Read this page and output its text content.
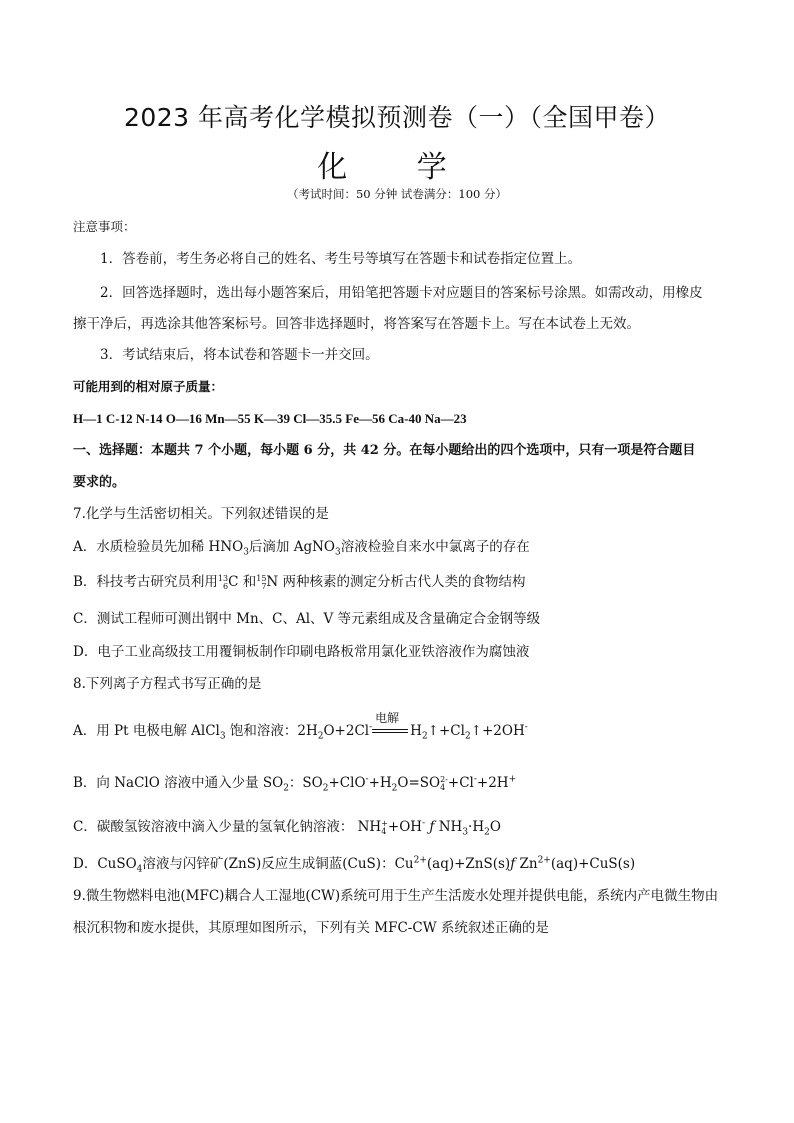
2023 年高考化学模拟预测卷（一）（全国甲卷）
化 学
（考试时间：50 分钟 试卷满分：100 分）
注意事项：
1．答卷前，考生务必将自己的姓名、考生号等填写在答题卡和试卷指定位置上。
2．回答选择题时，选出每小题答案后，用铅笔把答题卡对应题目的答案标号涂黑。如需改动，用橡皮
擦干净后，再选涂其他答案标号。回答非选择题时，将答案写在答题卡上。写在本试卷上无效。
3．考试结束后，将本试卷和答题卡一并交回。
可能用到的相对原子质量：
H—1 C-12 N-14 O—16 Mn—55 K—39 Cl—35.5 Fe—56 Ca-40 Na—23
一、选择题：本题共 7 个小题，每小题 6 分，共 42 分。在每小题给出的四个选项中，只有一项是符合题目
要求的。
7.化学与生活密切相关。下列叙述错误的是
A．水质检验员先加稀 $HNO_3$后滴加 AgNO$_3$溶液检验自来水中氯离子的存在
B．科技考古研究员利用13
6C 和15
7N 两种核素的测定分析古代人类的食物结构
C．测试工程师可测出钢中 Mn、C、Al、V 等元素组成及含量确定合金钢等级
D．电子工业高级技工用覆铜板制作印刷电路板常用氯化亚铁溶液作为腐蚀液
8.下列离子方程式书写正确的是
A．用 Pt 电极电解 AlCl$_3$ 饱和溶液：$2H_2O+2Cl^-$
电解
$H_2↑+Cl_2↑+2OH^-$
B．向 NaClO 溶液中通入少量 $SO_2$：$SO_2+ClO^-+H_2O=SO2-$
4 +Cl-+2H+
C．碳酸氢铵溶液中滴入少量的氢氧化钠溶液： NH+
4 +OH- ƒ $NH_3\cdot H_2O$
D．CuSO$_4$溶液与闪锌矿(ZnS)反应生成铜蓝(CuS)：$Cu^{2+}(aq)+ZnS(s)ƒ$ $Zn^{2+}(aq)+CuS(s)$
9.微生物燃料电池(MFC)耦合人工湿地(CW)系统可用于生产生活废水处理并提供电能，系统内产电微生物由
根沉积物和废水提供，其原理如图所示，下列有关 MFC-CW 系统叙述正确的是
